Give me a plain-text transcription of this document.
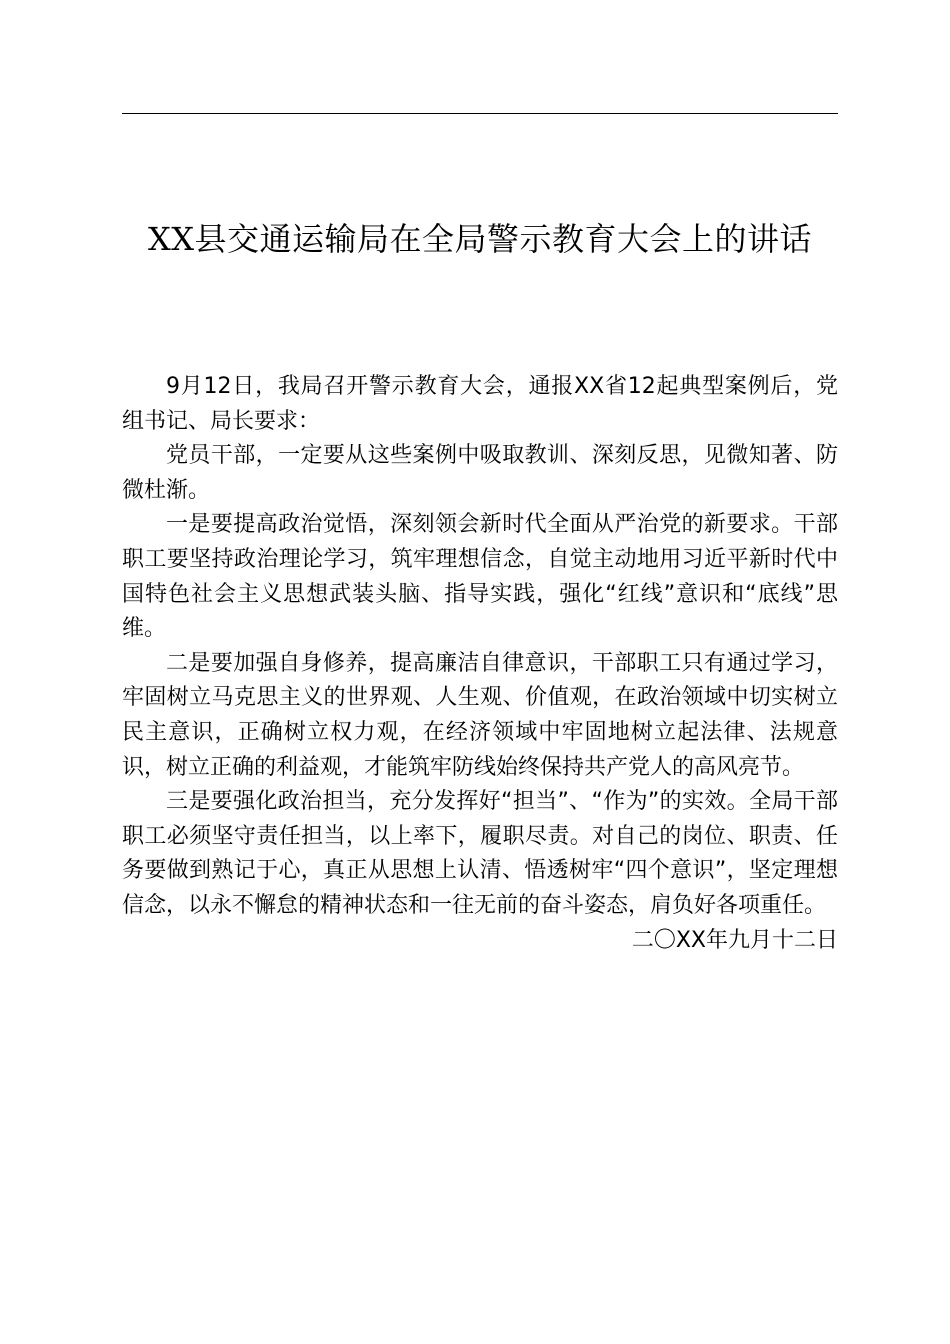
XX县交通运输局在全局警示教育大会上的讲话

9月12日，我局召开警示教育大会，通报XX省12起典型案例后，党组书记、局长要求：

党员干部，一定要从这些案例中吸取教训、深刻反思，见微知著、防微杜渐。

一是要提高政治觉悟，深刻领会新时代全面从严治党的新要求。干部职工要坚持政治理论学习，筑牢理想信念，自觉主动地用习近平新时代中国特色社会主义思想武装头脑、指导实践，强化“红线”意识和“底线”思维。

二是要加强自身修养，提高廉洁自律意识，干部职工只有通过学习，牢固树立马克思主义的世界观、人生观、价值观，在政治领域中切实树立民主意识，正确树立权力观，在经济领域中牢固地树立起法律、法规意识，树立正确的利益观，才能筑牢防线始终保持共产党人的高风亮节。

三是要强化政治担当，充分发挥好“担当”、“作为”的实效。全局干部职工必须坚守责任担当，以上率下，履职尽责。对自己的岗位、职责、任务要做到熟记于心，真正从思想上认清、悟透树牢“四个意识”，坚定理想信念，以永不懈怠的精神状态和一往无前的奋斗姿态，肩负好各项重任。

二〇XX年九月十二日
